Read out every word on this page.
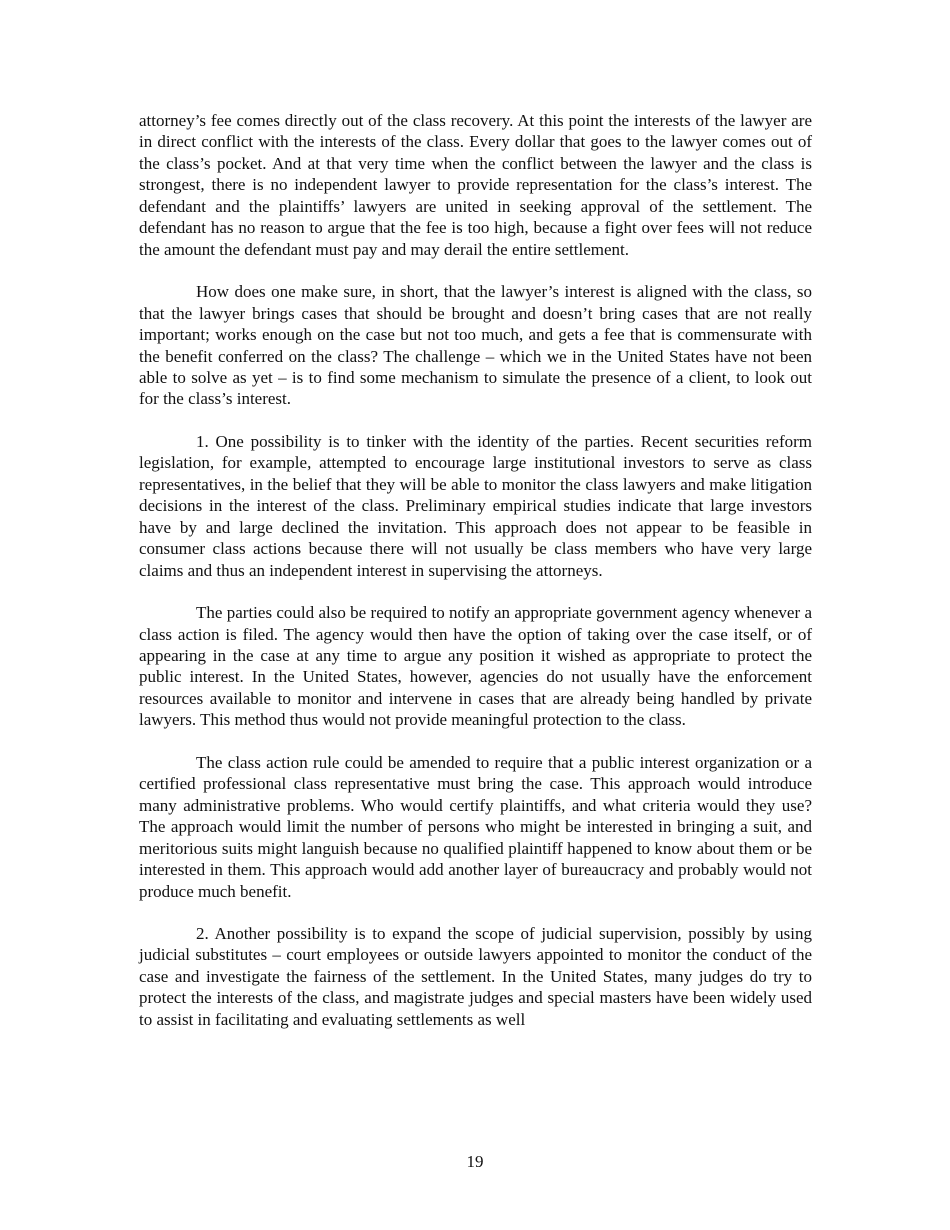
attorney’s fee comes directly out of the class recovery. At this point the interests of the lawyer are in direct conflict with the interests of the class. Every dollar that goes to the lawyer comes out of the class’s pocket. And at that very time when the conflict between the lawyer and the class is strongest, there is no independent lawyer to provide representation for the class’s interest. The defendant and the plaintiffs’ lawyers are united in seeking approval of the settlement. The defendant has no reason to argue that the fee is too high, because a fight over fees will not reduce the amount the defendant must pay and may derail the entire settlement.

How does one make sure, in short, that the lawyer’s interest is aligned with the class, so that the lawyer brings cases that should be brought and doesn’t bring cases that are not really important; works enough on the case but not too much, and gets a fee that is commensurate with the benefit conferred on the class? The challenge – which we in the United States have not been able to solve as yet – is to find some mechanism to simulate the presence of a client, to look out for the class’s interest.

1. One possibility is to tinker with the identity of the parties. Recent securities reform legislation, for example, attempted to encourage large institutional investors to serve as class representatives, in the belief that they will be able to monitor the class lawyers and make litigation decisions in the interest of the class. Preliminary empirical studies indicate that large investors have by and large declined the invitation. This approach does not appear to be feasible in consumer class actions because there will not usually be class members who have very large claims and thus an independent interest in supervising the attorneys.

The parties could also be required to notify an appropriate government agency whenever a class action is filed. The agency would then have the option of taking over the case itself, or of appearing in the case at any time to argue any position it wished as appropriate to protect the public interest. In the United States, however, agencies do not usually have the enforcement resources available to monitor and intervene in cases that are already being handled by private lawyers. This method thus would not provide meaningful protection to the class.

The class action rule could be amended to require that a public interest organization or a certified professional class representative must bring the case. This approach would introduce many administrative problems. Who would certify plaintiffs, and what criteria would they use? The approach would limit the number of persons who might be interested in bringing a suit, and meritorious suits might languish because no qualified plaintiff happened to know about them or be interested in them. This approach would add another layer of bureaucracy and probably would not produce much benefit.

2. Another possibility is to expand the scope of judicial supervision, possibly by using judicial substitutes – court employees or outside lawyers appointed to monitor the conduct of the case and investigate the fairness of the settlement. In the United States, many judges do try to protect the interests of the class, and magistrate judges and special masters have been widely used to assist in facilitating and evaluating settlements as well

19
